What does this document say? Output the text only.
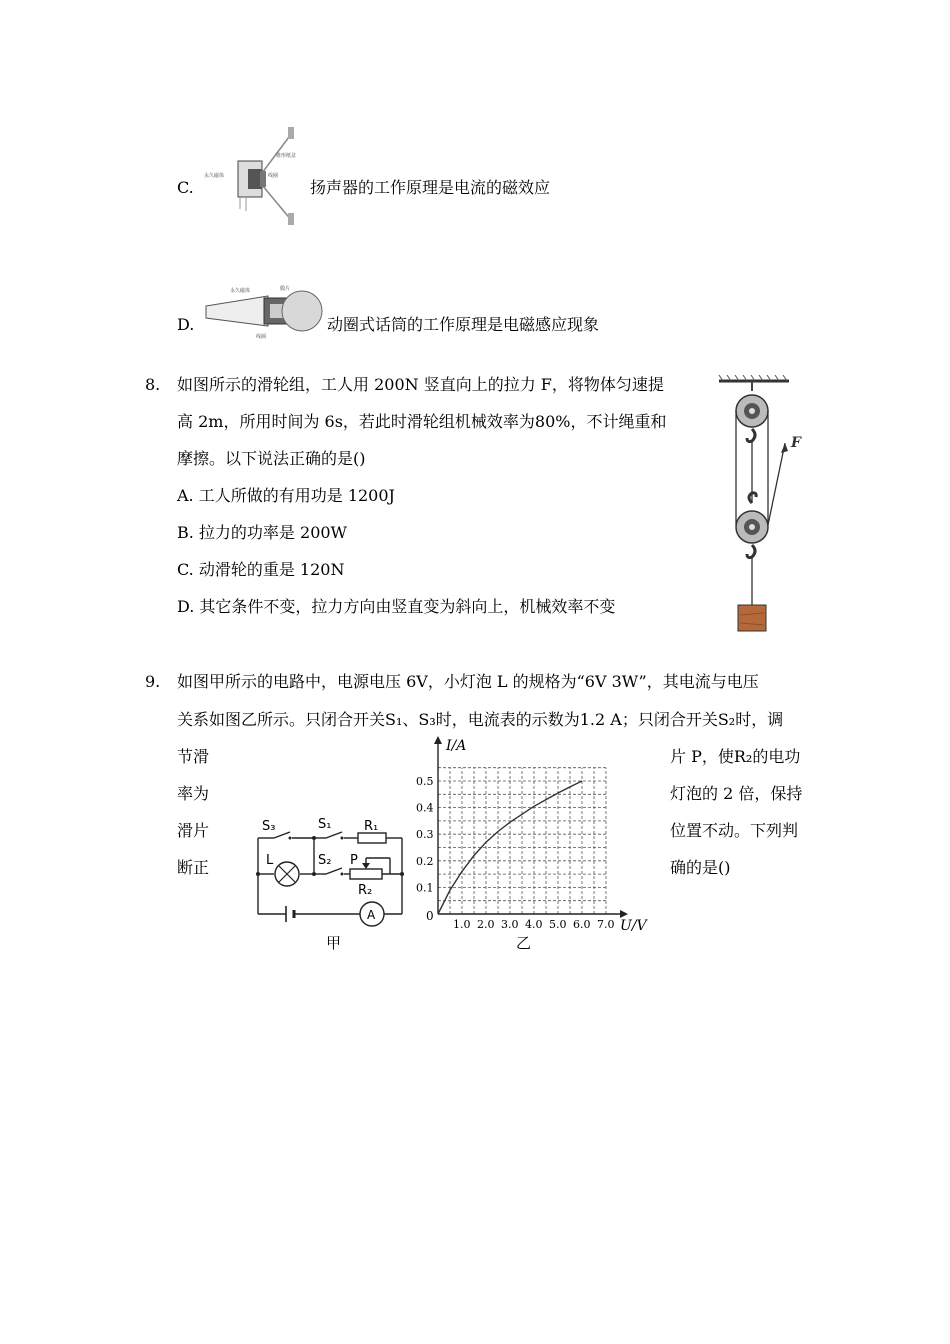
C.
永久磁体	线圈
锥形纸盆
扬声器的工作原理是电流的磁效应
D.
永久磁体	膜片
线圈
动圈式话筒的工作原理是电磁感应现象
8. 如图所示的滑轮组，工人用 200N 竖直向上的拉力 F，将物体匀速提
高 2m，所用时间为 6s，若此时滑轮组机械效率为80%，不计绳重和
摩擦。以下说法正确的是()
A. 工人所做的有用功是 1200J
B. 拉力的功率是 200W
C. 动滑轮的重是 120N
D. 其它条件不变，拉力方向由竖直变为斜向上，机械效率不变
F
9. 如图甲所示的电路中，电源电压 6V，小灯泡 L 的规格为“6V 3W”，其电流与电压
关系如图乙所示。只闭合开关S₁、S₃时，电流表的示数为1.2 A；只闭合开关S₂时，调
节滑	片 P，使R₂的电功
率为	灯泡的 2 倍，保持
滑片	位置不动。下列判
断正	确的是()
S₃	S₁	R₁
L	S₂ P
R₂
A
甲
1.0 2.0 3.0 4.0 5.0 6.0 7.0
0.1
0.2
0.3
0.4
0.5
I/A
U/V
0
乙
